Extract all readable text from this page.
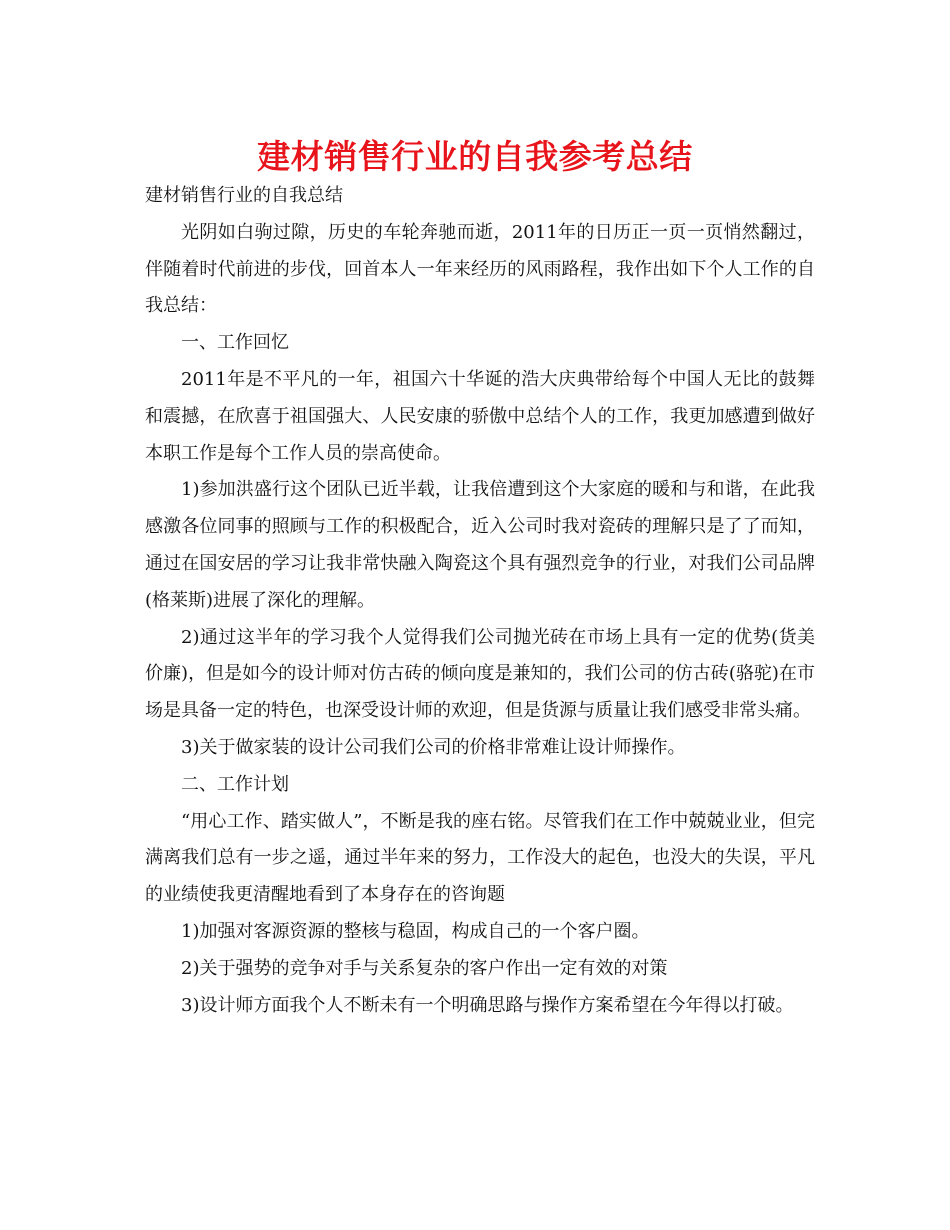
建材销售行业的自我参考总结

建材销售行业的自我总结

光阴如白驹过隙，历史的车轮奔驰而逝，2011年的日历正一页一页悄然翻过，伴随着时代前进的步伐，回首本人一年来经历的风雨路程，我作出如下个人工作的自我总结：

一、工作回忆

2011年是不平凡的一年，祖国六十华诞的浩大庆典带给每个中国人无比的鼓舞和震撼，在欣喜于祖国强大、人民安康的骄傲中总结个人的工作，我更加感遭到做好本职工作是每个工作人员的崇高使命。

1)参加洪盛行这个团队已近半载，让我倍遭到这个大家庭的暖和与和谐，在此我感激各位同事的照顾与工作的积极配合，近入公司时我对瓷砖的理解只是了了而知，通过在国安居的学习让我非常快融入陶瓷这个具有强烈竞争的行业，对我们公司品牌(格莱斯)进展了深化的理解。

2)通过这半年的学习我个人觉得我们公司抛光砖在市场上具有一定的优势(货美价廉)，但是如今的设计师对仿古砖的倾向度是兼知的，我们公司的仿古砖(骆驼)在市场是具备一定的特色，也深受设计师的欢迎，但是货源与质量让我们感受非常头痛。

3)关于做家装的设计公司我们公司的价格非常难让设计师操作。

二、工作计划

“用心工作、踏实做人”，不断是我的座右铭。尽管我们在工作中兢兢业业，但完满离我们总有一步之遥，通过半年来的努力，工作没大的起色，也没大的失误，平凡的业绩使我更清醒地看到了本身存在的咨询题

1)加强对客源资源的整核与稳固，构成自己的一个客户圈。

2)关于强势的竞争对手与关系复杂的客户作出一定有效的对策

3)设计师方面我个人不断未有一个明确思路与操作方案希望在今年得以打破。
